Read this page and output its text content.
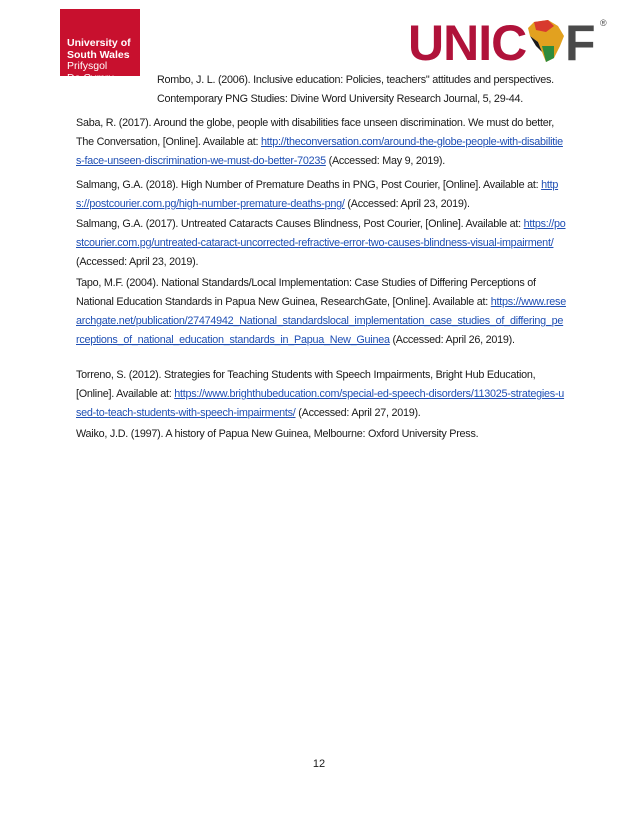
University of
South Wales
Prifysgol
De Cymru
UNIC F ®

Rombo, J. L. (2006). Inclusive education: Policies, teachers" attitudes and perspectives. Contemporary PNG Studies: Divine Word University Research Journal, 5, 29-44.

Saba, R. (2017). Around the globe, people with disabilities face unseen discrimination. We must do better, The Conversation, [Online]. Available at: http://theconversation.com/around-the-globe-people-with-disabilities-face-unseen-discrimination-we-must-do-better-70235 (Accessed: May 9, 2019).

Salmang, G.A. (2018). High Number of Premature Deaths in PNG, Post Courier, [Online]. Available at: https://postcourier.com.pg/high-number-premature-deaths-png/ (Accessed: April 23, 2019).

Salmang, G.A. (2017). Untreated Cataracts Causes Blindness, Post Courier, [Online]. Available at: https://postcourier.com.pg/untreated-cataract-uncorrected-refractive-error-two-causes-blindness-visual-impairment/ (Accessed: April 23, 2019).

Tapo, M.F. (2004). National Standards/Local Implementation: Case Studies of Differing Perceptions of National Education Standards in Papua New Guinea, ResearchGate, [Online]. Available at: https://www.researchgate.net/publication/27474942_National_standardslocal_implementation_case_studies_of_differing_perceptions_of_national_education_standards_in_Papua_New_Guinea (Accessed: April 26, 2019).

Torreno, S. (2012). Strategies for Teaching Students with Speech Impairments, Bright Hub Education, [Online]. Available at: https://www.brighthubeducation.com/special-ed-speech-disorders/113025-strategies-used-to-teach-students-with-speech-impairments/ (Accessed: April 27, 2019).

Waiko, J.D. (1997). A history of Papua New Guinea, Melbourne: Oxford University Press.

12
